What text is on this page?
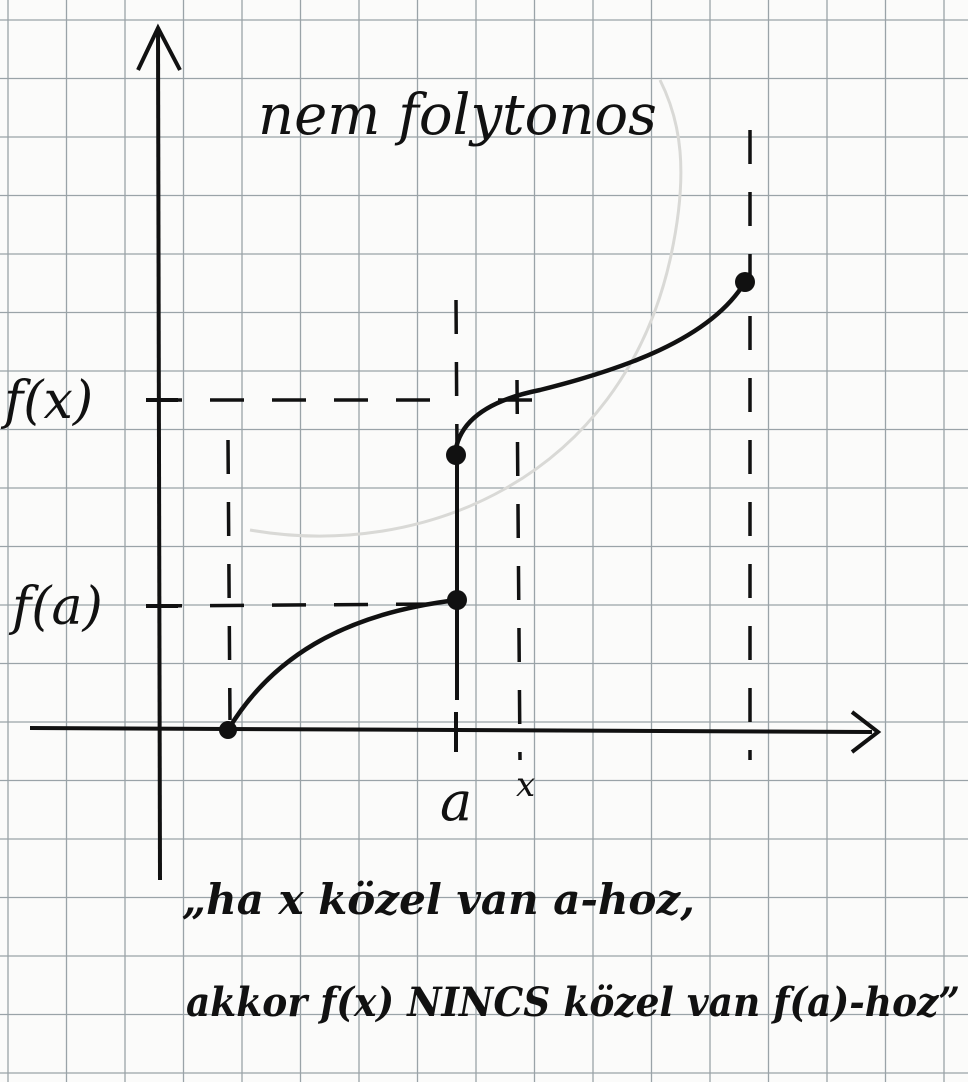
nem folytonos
f(x)
f(a)
a x
„ha x közel van a-hoz,
akkor f(x) NINCS közel van f(a)-hoz”
